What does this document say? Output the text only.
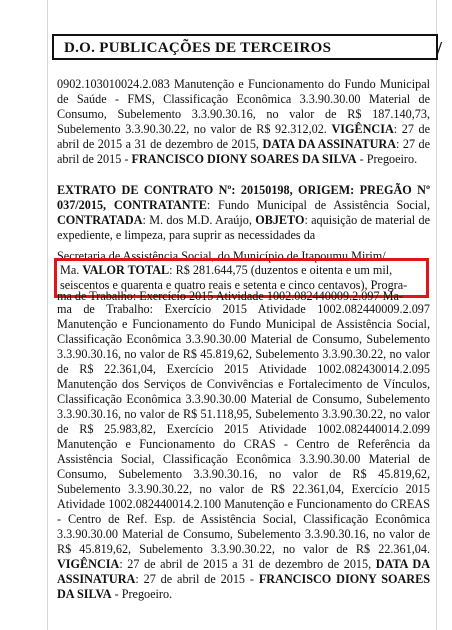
D.O. PUBLICAÇÕES DE TERCEIROS	/

0902.103010024.2.083 Manutenção e Funcionamento do Fundo Municipal de Saúde - FMS, Classificação Econômica 3.3.90.30.00 Material de Consumo, Subelemento 3.3.90.30.16, no valor de R$ 187.140,73, Subelemento 3.3.90.30.22, no valor de R$ 92.312,02. VIGÊNCIA: 27 de abril de 2015 a 31 de dezembro de 2015, DATA DA ASSINATURA: 27 de abril de 2015 - FRANCISCO DIONY SOARES DA SILVA - Pregoeiro.

EXTRATO DE CONTRATO Nº: 20150198, ORIGEM: PREGÃO Nº 037/2015, CONTRATANTE: Fundo Municipal de Assistência Social, CONTRATADA: M. dos M.D. Araújo, OBJETO: aquisição de material de expediente, e limpeza, para suprir as necessidades da

Secretaria de Assistência Social, do Município de Itapoumu Mirim/
Ma. VALOR TOTAL: R$ 281.644,75 (duzentos e oitenta e um mil,
seiscentos e quarenta e quatro reais e setenta e cinco centavos), Progra-
ma de Trabalho: Exercício 2015 Atividade 1002.082440009.2.097 Ma-

ma de Trabalho: Exercício 2015 Atividade 1002.082440009.2.097 Manutenção e Funcionamento do Fundo Municipal de Assistência Social, Classificação Econômica 3.3.90.30.00 Material de Consumo, Subelemento 3.3.90.30.16, no valor de R$ 45.819,62, Subelemento 3.3.90.30.22, no valor de R$ 22.361,04, Exercício 2015 Atividade 1002.082430014.2.095 Manutenção dos Serviços de Convivências e Fortalecimento de Vínculos, Classificação Econômica 3.3.90.30.00 Material de Consumo, Subelemento 3.3.90.30.16, no valor de R$ 51.118,95, Subelemento 3.3.90.30.22, no valor de R$ 25.983,82, Exercício 2015 Atividade 1002.082440014.2.099 Manutenção e Funcionamento do CRAS - Centro de Referência da Assistência Social, Classificação Econômica 3.3.90.30.00 Material de Consumo, Subelemento 3.3.90.30.16, no valor de R$ 45.819,62, Subelemento 3.3.90.30.22, no valor de R$ 22.361,04, Exercício 2015 Atividade 1002.082440014.2.100 Manutenção e Funcionamento do CREAS - Centro de Ref. Esp. de Assistência Social, Classificação Econômica 3.3.90.30.00 Material de Consumo, Subelemento 3.3.90.30.16, no valor de R$ 45.819,62, Subelemento 3.3.90.30.22, no valor de R$ 22.361,04. VIGÊNCIA: 27 de abril de 2015 a 31 de dezembro de 2015, DATA DA ASSINATURA: 27 de abril de 2015 - FRANCISCO DIONY SOARES DA SILVA - Pregoeiro.
